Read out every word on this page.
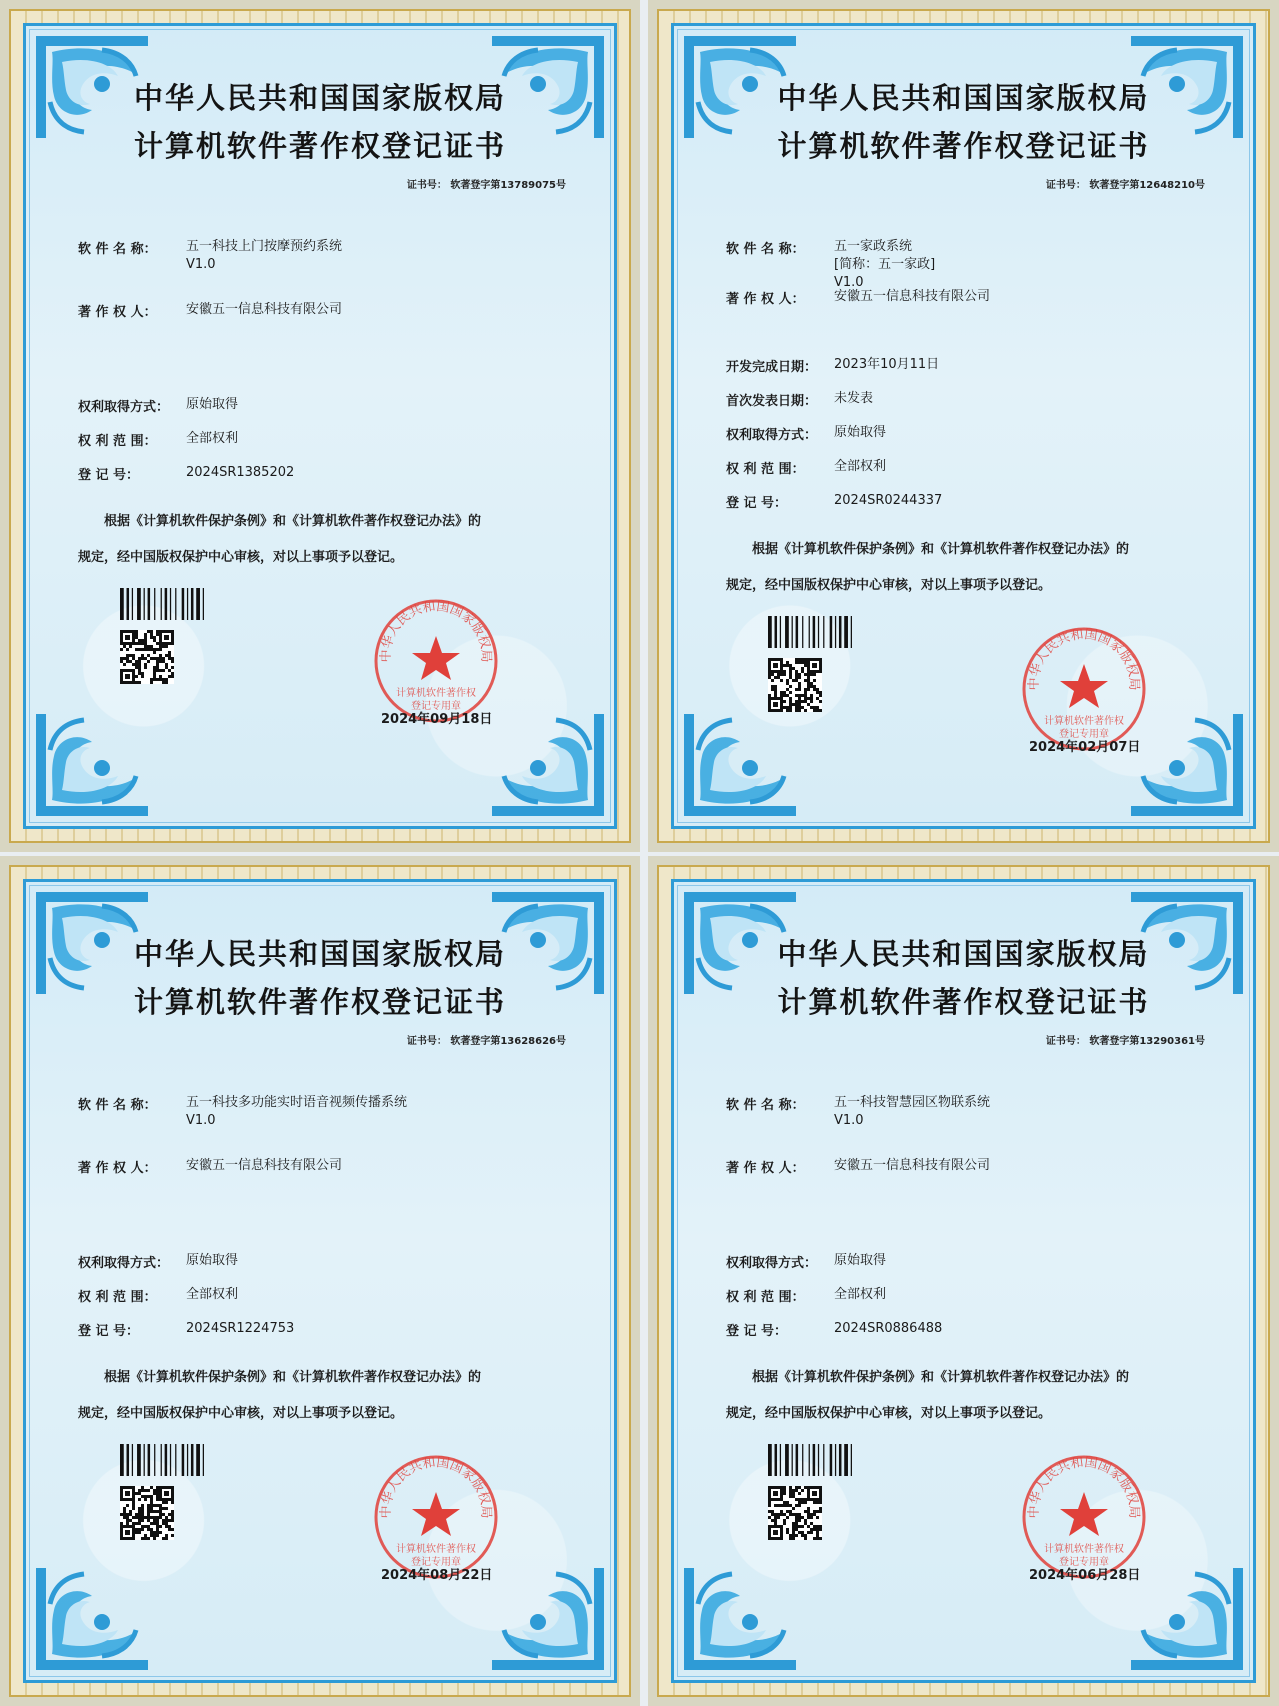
中华人民共和国国家版权局
计算机软件著作权登记证书
证书号： 软著登字第13789075号
软 件 名 称：	五一科技上门按摩预约系统
V1.0
著 作 权 人：	安徽五一信息科技有限公司
权利取得方式：	原始取得
权 利 范 围：	全部权利
登 记 号：	2024SR1385202
根据《计算机软件保护条例》和《计算机软件著作权登记办法》的
规定，经中国版权保护中心审核，对以上事项予以登记。
中华人民共和国国家版权局
计算机软件著作权
登记专用章
2024年09月18日
中华人民共和国国家版权局
计算机软件著作权登记证书
证书号： 软著登字第12648210号
软 件 名 称：	五一家政系统
[简称：五一家政]
V1.0
著 作 权 人：	安徽五一信息科技有限公司
开发完成日期：	2023年10月11日
首次发表日期：	未发表
权利取得方式：	原始取得
权 利 范 围：	全部权利
登 记 号：	2024SR0244337
根据《计算机软件保护条例》和《计算机软件著作权登记办法》的
规定，经中国版权保护中心审核，对以上事项予以登记。
中华人民共和国国家版权局
计算机软件著作权
登记专用章
2024年02月07日
中华人民共和国国家版权局
计算机软件著作权登记证书
证书号： 软著登字第13628626号
软 件 名 称：	五一科技多功能实时语音视频传播系统
V1.0
著 作 权 人：	安徽五一信息科技有限公司
权利取得方式：	原始取得
权 利 范 围：	全部权利
登 记 号：	2024SR1224753
根据《计算机软件保护条例》和《计算机软件著作权登记办法》的
规定，经中国版权保护中心审核，对以上事项予以登记。
中华人民共和国国家版权局
计算机软件著作权
登记专用章
2024年08月22日
中华人民共和国国家版权局
计算机软件著作权登记证书
证书号： 软著登字第13290361号
软 件 名 称：	五一科技智慧园区物联系统
V1.0
著 作 权 人：	安徽五一信息科技有限公司
权利取得方式：	原始取得
权 利 范 围：	全部权利
登 记 号：	2024SR0886488
根据《计算机软件保护条例》和《计算机软件著作权登记办法》的
规定，经中国版权保护中心审核，对以上事项予以登记。
中华人民共和国国家版权局
计算机软件著作权
登记专用章
2024年06月28日
